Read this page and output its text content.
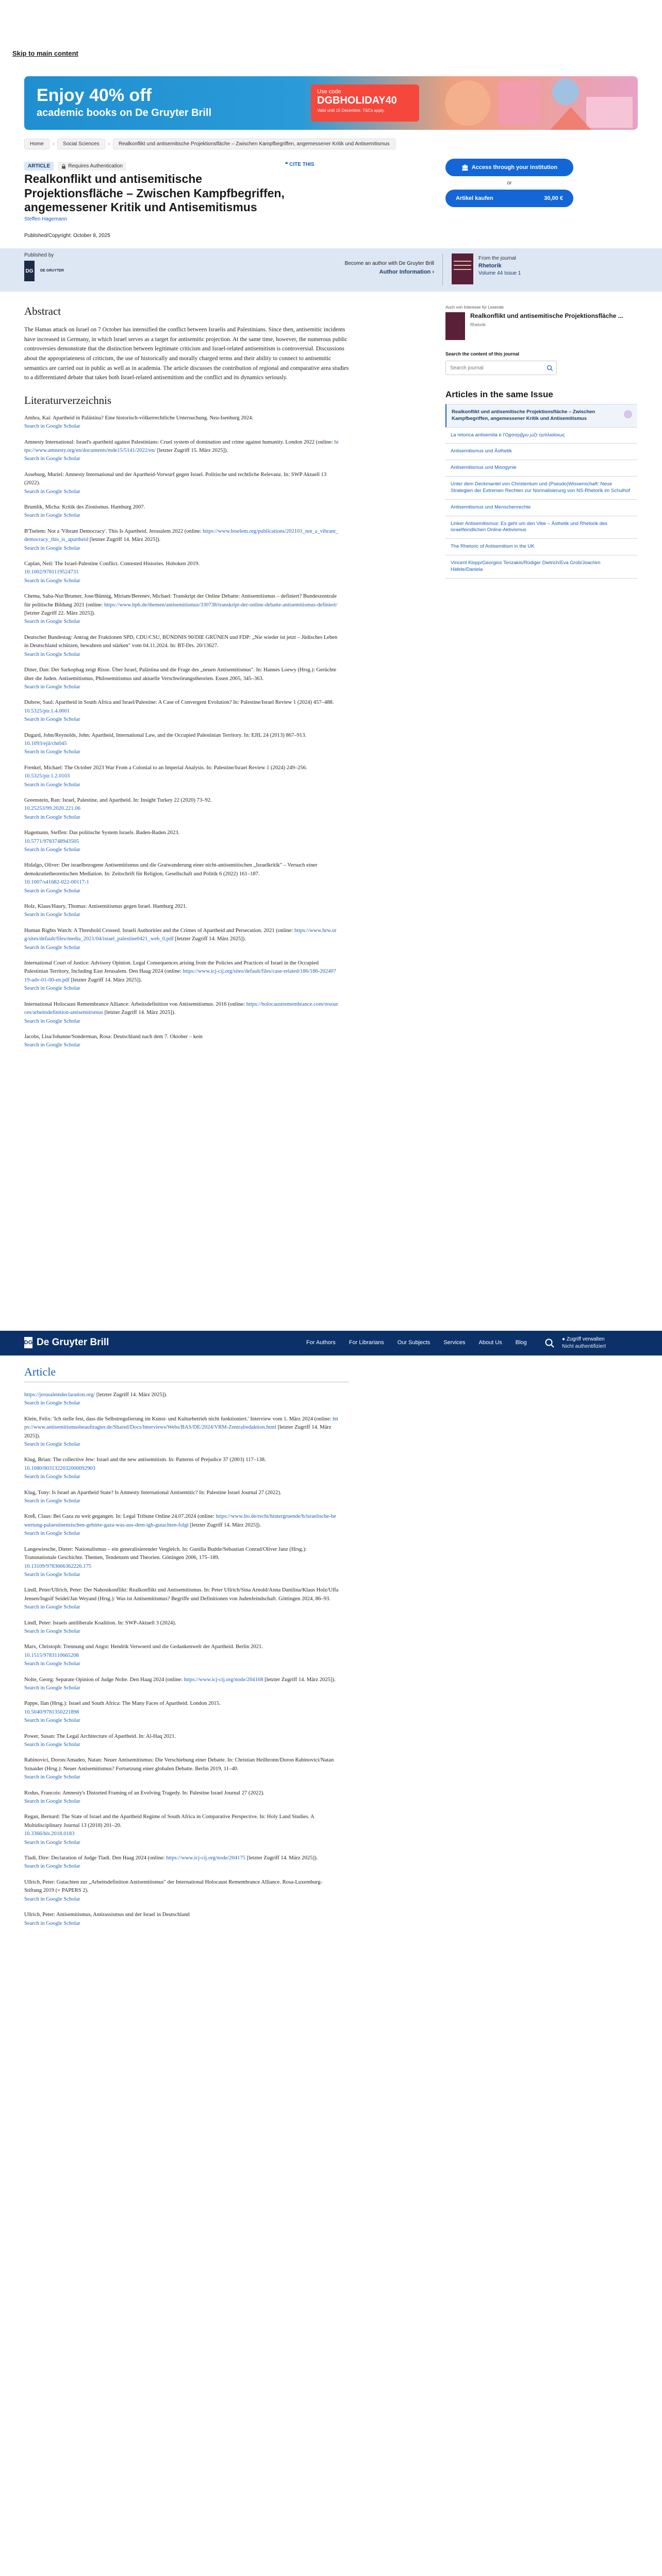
Skip to main content
Enjoy 40% off
academic books on De Gruyter Brill
Use code
DGBHOLIDAY40
Valid until 15 December. T&Cs apply.
Home	›	Social Sciences	›	Realkonflikt und antisemitische Projektionsfläche – Zwischen Kampfbegriffen, angemessener Kritik und Antisemitismus
ARTICLE	Requires Authentication	❝ CITE THIS
Realkonflikt und antisemitische Projektionsfläche – Zwischen Kampfbegriffen, angemessener Kritik und Antisemitismus
Steffen Hagemann
Published/Copyright: October 8, 2025
🏛 Access through your institution
or
Artikel kaufen	30,00 €
Published by
DG	DE GRUYTER
Become an author with De Gruyter Brill
Author Information ›
From the journal
Rhetorik
Volume 44 Issue 1
Abstract

The Hamas attack on Israel on 7 October has intensified the conflict between Israelis and Palestinians. Since then, antisemitic incidents have increased in Germany, in which Israel serves as a target for antisemitic projection. At the same time, however, the numerous public controversies demonstrate that the distinction between legitimate criticism and Israel-related antisemitism is controversial. Discussions about the appropriateness of criticism, the use of historically and morally charged terms and their ability to connect to antisemitic semantics are carried out in public as well as in academia. The article discusses the contribution of regional and comparative area studies to a differentiated debate that takes both Israel-related antisemitism and the conflict and its dynamics seriously.

Literaturverzeichnis
Amhra, Kai: Apartheid in Palästina? Eine historisch-völkerrechtliche Untersuchung. Neu-Isenburg 2024.
Search in Google Scholar
Amnesty International: Israel's apartheid against Palestinians: Cruel system of domination and crime against humanity. London 2022 (online: https://www.amnesty.org/en/documents/mde15/5141/2022/en/ [letzter Zugriff 15. März 2025]).
Search in Google Scholar
Asseburg, Muriel: Amnesty International und der Apartheid-Vorwurf gegen Israel. Politische und rechtliche Relevanz. In: SWP Aktuell 13 (2022).
Search in Google Scholar
Brumlik, Micha: Kritik des Zionismus. Hamburg 2007.
Search in Google Scholar
B'Tselem: Not a 'Vibrant Democracy'. This Is Apartheid. Jerusalem 2022 (online: https://www.btselem.org/publications/202101_not_a_vibrant_democracy_this_is_apartheid [letzter Zugriff 14. März 2025]).
Search in Google Scholar
Caplan, Neil: The Israel-Palestine Conflict. Contested Histories. Hoboken 2019.
10.1002/9781119524731
Search in Google Scholar
Chema, Saba-Nur/Brumer, Jose/Bünnig, Miriam/Berenev, Michael: Transkript der Online Debatte: Antisemitismus – definiert? Bundeszentrale für politische Bildung 2021 (online: https://www.bpb.de/themen/antisemitismus/330738/transkript-der-online-debatte-antisemitismus-definiert/ [letzter Zugriff 22. März 2025]).
Search in Google Scholar
Deutscher Bundestag: Antrag der Fraktionen SPD, CDU/CSU, BÜNDNIS 90/DIE GRÜNEN und FDP: „Nie wieder ist jetzt – Jüdisches Leben in Deutschland schützen, bewahren und stärken" vom 04.11.2024. In: BT-Drs. 20/13627.
Search in Google Scholar
Diner, Dan: Der Sarkophag zeigt Risse. Über Israel, Palästina und die Frage des „neuen Antisemitismus". In: Hannes Loewy (Hrsg.): Gerüchte über die Juden. Antisemitismus, Philosemitismus und aktuelle Verschwörungstheorien. Essen 2005, 345–363.
Search in Google Scholar
Dubow, Saul: Apartheid in South Africa and Israel/Palestine: A Case of Convergent Evolution? In: Palestine/Israel Review 1 (2024) 457–488.
10.5325/pir.1.4.0001
Search in Google Scholar
Dugard, John/Reynolds, John: Apartheid, International Law, and the Occupied Palestinian Territory. In: EJIL 24 (2013) 867–913.
10.1093/ejil/cht045
Search in Google Scholar
Frenkel, Michael: The October 2023 War From a Colonial to an Imperial Analysis. In: Palestine/Israel Review 1 (2024) 249–256.
10.5325/pir.1.2.0103
Search in Google Scholar
Greenstein, Ran: Israel, Palestine, and Apartheid. In: Insight Turkey 22 (2020) 73–92.
10.25253/99.2020.221.06
Search in Google Scholar
Hagemann, Steffen: Das politische System Israels. Baden-Baden 2023.
10.5771/9783748943505
Search in Google Scholar
Hidalgo, Oliver: Der israelbezogene Antisemitismus und die Gratwanderung einer nicht-antisemitischen „Israelkritik" – Versuch einer demokratietheoretischen Mediation. In: Zeitschrift für Religion, Gesellschaft und Politik 6 (2022) 161–187.
10.1007/s41682-022-00117-1
Search in Google Scholar
Holz, Klaus/Haury, Thomas: Antisemitismus gegen Israel. Hamburg 2021.
Search in Google Scholar
Human Rights Watch: A Threshold Crossed. Israeli Authorities and the Crimes of Apartheid and Persecution. 2021 (online: https://www.hrw.org/sites/default/files/media_2021/04/israel_palestine0421_web_0.pdf [letzter Zugriff 14. März 2025]).
Search in Google Scholar
International Court of Justice: Advisory Opinion. Legal Consequences arising from the Policies and Practices of Israel in the Occupied Palestinian Territory, Including East Jerusalem. Den Haag 2024 (online: https://www.icj-cij.org/sites/default/files/case-related/186/186-20240719-adv-01-00-en.pdf [letzter Zugriff 14. März 2025]).
Search in Google Scholar
International Holocaust Remembrance Alliance: Arbeitsdefinition von Antisemitismus. 2016 (online: https://holocaustremembrance.com/resources/arbeitsdefinition-antisemitismus [letzter Zugriff 14. März 2025]).
Search in Google Scholar
Jacobs, Lisa/Johanne/Sonderman, Rosa: Deutschland nach dem 7. Oktober – kein
Search in Google Scholar
DG De Gruyter Brill	For Authors For Librarians Our Subjects Services About Us Blog
● Zugriff verwalten
Nicht authentifiziert
Article
https://jerusalemdeclaration.org/ [letzter Zugriff 14. März 2025]).
Search in Google Scholar
Klein, Felix: 'Ich stelle fest, dass die Selbstregulierung im Kunst- und Kulturbetrieb nicht funktioniert.' Interview vom 1. März 2024 (online: https://www.antisemitismusbeauftragter.de/Shared/Docs/Interviews/Webs/BAS/DE/2024/VRM-Zentralredaktion.html [letzter Zugriff 14. März 2025]).
Search in Google Scholar
Klug, Brian: The collective Jew: Israel and the new antisemitism. In: Patterns of Prejudice 37 (2003) 117–138.
10.1080/0031322032000092903
Search in Google Scholar
Klug, Tony: Is Israel an Apartheid State? Is Amnesty International Antisemitic? In: Palestine Israel Journal 27 (2022).
Search in Google Scholar
Kreß, Claus: Bei Gaza zu weit gegangen. In: Legal Tribune Online 24.07.2024 (online: https://www.lto.de/recht/hintergruende/h/israelische-bewertung-palaestinensischen-gebiete-gaza-was-aus-dem-igh-gutachten-folgt [letzter Zugriff 14. März 2025]).
Search in Google Scholar
Langewiesche, Dieter: Nationalismus – ein generalisierender Vergleich. In: Gunilla Budde/Sebastian Conrad/Oliver Janz (Hrsg.): Transnationale Geschichte. Themen, Tendenzen und Theorien. Göttingen 2006, 175–189.
10.13109/9783666362226.175
Search in Google Scholar
Lindl, Peter/Ullrich, Peter: Der Nahostkonflikt: Realkonflikt und Antisemitismus. In: Peter Ullrich/Sina Arnold/Anna Danilina/Klaus Holz/Uffa Jensen/Ingolf Seidel/Jan Weyand (Hrsg.): Was ist Antisemitismus? Begriffe und Definitionen von Judenfeindschaft. Göttingen 2024, 86–93.
Search in Google Scholar
Lindl, Peter: Israels antiliberale Koalition. In: SWP-Aktuell 3 (2024).
Search in Google Scholar
Marx, Christoph: Trennung und Angst: Hendrik Verwoerd und die Gedankenwelt der Apartheid. Berlin 2021.
10.1515/9783110665208
Search in Google Scholar
Nolte, Georg: Separate Opinion of Judge Nolte. Den Haag 2024 (online: https://www.icj-cij.org/node/204168 [letzter Zugriff 14. März 2025]).
Search in Google Scholar
Pappe, Ilan (Hrsg.): Israel and South Africa: The Many Faces of Apartheid. London 2015.
10.5040/9781350221898
Search in Google Scholar
Power, Susan: The Legal Architecture of Apartheid. In: Al-Haq 2021.
Search in Google Scholar
Rabinovici, Doron/Amadeo, Natan: Neuer Antisemitismus: Die Verschiebung einer Debatte. In: Christian Heilbronn/Doron Rabinovici/Natan Sznaider (Hrsg.): Neuer Antisemitismus? Fortsetzung einer globalen Debatte. Berlin 2019, 11–40.
Search in Google Scholar
Rodus, Francois: Amnesty's Distorted Framing of an Evolving Tragedy. In: Palestine Israel Journal 27 (2022).
Search in Google Scholar
Regan, Bernard: The State of Israel and the Apartheid Regime of South Africa in Comparative Perspective. In: Holy Land Studies. A Multidisciplinary Journal 13 (2018) 201–20.
10.3366/hls.2018.0183
Search in Google Scholar
Tladi, Dire: Declaration of Judge Tladi. Den Haag 2024 (online: https://www.icj-cij.org/node/204175 [letzter Zugriff 14. März 2025]).
Search in Google Scholar
Ullrich, Peter: Gutachten zur „Arbeitsdefinition Antisemitismus" der International Holocaust Remembrance Alliance. Rosa-Luxemburg-Stiftung 2019 (= PAPERS 2).
Search in Google Scholar
Ullrich, Peter: Antisemitismus, Antirassismus und der Israel in Deutschland
Search in Google Scholar
Auch von Interesse für Lesende
Realkonflikt und antisemitische Projektionsfläche ...
Rhetorik
Search the content of this journal
Search journal
Articles in the same Issue
Realkonflikt und antisemitische Projektionsfläche – Zwischen Kampfbegriffen, angemessener Kritik und Antisemitismus
La retorica antisemita e l'Ο̧ȩσσρβ̧ρυ ̧ωζτ ηυτιλιαίοιως
Antisemitismus und Ästhetik
Antisemitismus und Misogynie
Unter dem Deckmantel von Christentum und (Pseudo)Wissenschaft: Neue Strategien der Extremen Rechten zur Normalisierung von NS-Rhetorik im Schulhof
Antisemitismus und Menschenrechte
Linker Antisemitismus: Es geht um den Vibe – Ästhetik und Rhetorik des israelfeindlichen Online-Aktivismus
The Rhetoric of Antisemitism in the UK
Vincent Klopp/Georgios Terizakis/Rüdiger Dietrich/Eva Grob/Joachim Häfele/Daniela
